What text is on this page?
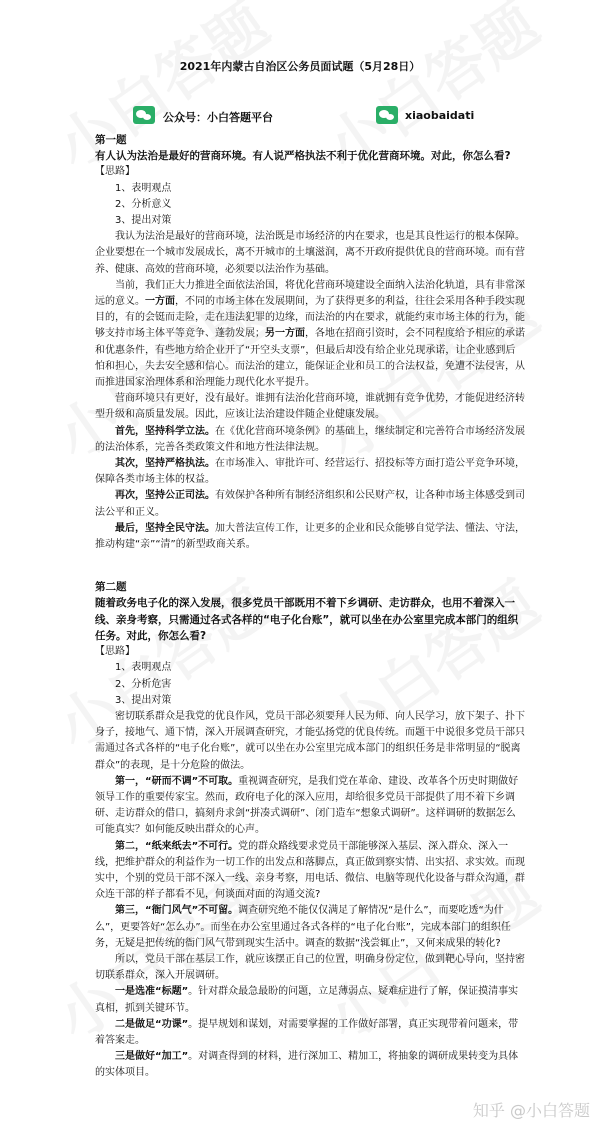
2021年内蒙古自治区公务员面试题（5月28日）
公众号：小白答题平台	xiaobaidati

第一题

有人认为法治是最好的营商环境。有人说严格执法不利于优化营商环境。对此，你怎么看?

【思路】

1、表明观点

2、分析意义

3、提出对策

我认为法治是最好的营商环境，法治既是市场经济的内在要求，也是其良性运行的根本保障。企业要想在一个城市发展成长，离不开城市的土壤滋润，离不开政府提供优良的营商环境。而有营养、健康、高效的营商环境，必须要以法治作为基础。

当前，我们正大力推进全面依法治国，将优化营商环境建设全面纳入法治化轨道，具有非常深远的意义。一方面，不同的市场主体在发展期间，为了获得更多的利益，往往会采用各种手段实现目的，有的会铤而走险，走在违法犯罪的边缘，而法治的内在要求，就能约束市场主体的行为，能够支持市场主体平等竞争、蓬勃发展；另一方面，各地在招商引资时，会不同程度给予相应的承诺和优惠条件，有些地方给企业开了“开空头支票”，但最后却没有给企业兑现承诺，让企业感到后怕和担心，失去安全感和信心。而法治的建立，能保证企业和员工的合法权益，免遭不法侵害，从而推进国家治理体系和治理能力现代化水平提升。

营商环境只有更好，没有最好。谁拥有法治化营商环境，谁就拥有竞争优势，才能促进经济转型升级和高质量发展。因此，应该让法治建设伴随企业健康发展。

首先，坚持科学立法。在《优化营商环境条例》的基础上，继续制定和完善符合市场经济发展的法治体系，完善各类政策文件和地方性法律法规。

其次，坚持严格执法。在市场准入、审批许可、经营运行、招投标等方面打造公平竞争环境，保障各类市场主体的权益。

再次，坚持公正司法。有效保护各种所有制经济组织和公民财产权，让各种市场主体感受到司法公平和正义。

最后，坚持全民守法。加大普法宣传工作，让更多的企业和民众能够自觉学法、懂法、守法，推动构建“亲”“清”的新型政商关系。

第二题

随着政务电子化的深入发展，很多党员干部既用不着下乡调研、走访群众，也用不着深入一线、亲身考察，只需通过各式各样的“电子化台账”，就可以坐在办公室里完成本部门的组织任务。对此，你怎么看?

【思路】

1、表明观点

2、分析危害

3、提出对策

密切联系群众是我党的优良作风，党员干部必须要拜人民为师、向人民学习，放下架子、扑下身子，接地气、通下情，深入开展调查研究，才能弘扬党的优良传统。而题干中说很多党员干部只需通过各式各样的“电子化台账”，就可以坐在办公室里完成本部门的组织任务是非常明显的“脱离群众”的表现，是十分危险的做法。

第一，“研而不调”不可取。重视调查研究，是我们党在革命、建设、改革各个历史时期做好领导工作的重要传家宝。然而，政府电子化的深入应用，却给很多党员干部提供了用不着下乡调研、走访群众的借口，搞刻舟求剑“拼凑式调研”、闭门造车“想象式调研”。这样调研的数据怎么可能真实？如何能反映出群众的心声。

第二，“纸来纸去”不可行。党的群众路线要求党员干部能够深入基层、深入群众、深入一线，把维护群众的利益作为一切工作的出发点和落脚点，真正做到察实情、出实招、求实效。而现实中，个别的党员干部不深入一线、亲身考察，用电话、微信、电脑等现代化设备与群众沟通，群众连干部的样子都看不见，何谈面对面的沟通交流?

第三，“衙门风气”不可留。调查研究绝不能仅仅满足了解情况“是什么”，而要吃透“为什么”，更要答好“怎么办”。而坐在办公室里通过各式各样的“电子化台账”，完成本部门的组织任务，无疑是把传统的衙门风气带到现实生活中。调查的数据“浅尝辄止”，又何来成果的转化?

所以，党员干部在基层工作，就应该摆正自己的位置，明确身份定位，做到靶心导向，坚持密切联系群众，深入开展调研。

一是选准“标题”。针对群众最急最盼的问题，立足薄弱点、疑难症进行了解，保证摸清事实真相，抓到关键环节。

二是做足“功课”。提早规划和谋划，对需要掌握的工作做好部署，真正实现带着问题来，带着答案走。

三是做好“加工”。对调查得到的材料，进行深加工、精加工，将抽象的调研成果转变为具体的实体项目。

知乎 @小白答题
